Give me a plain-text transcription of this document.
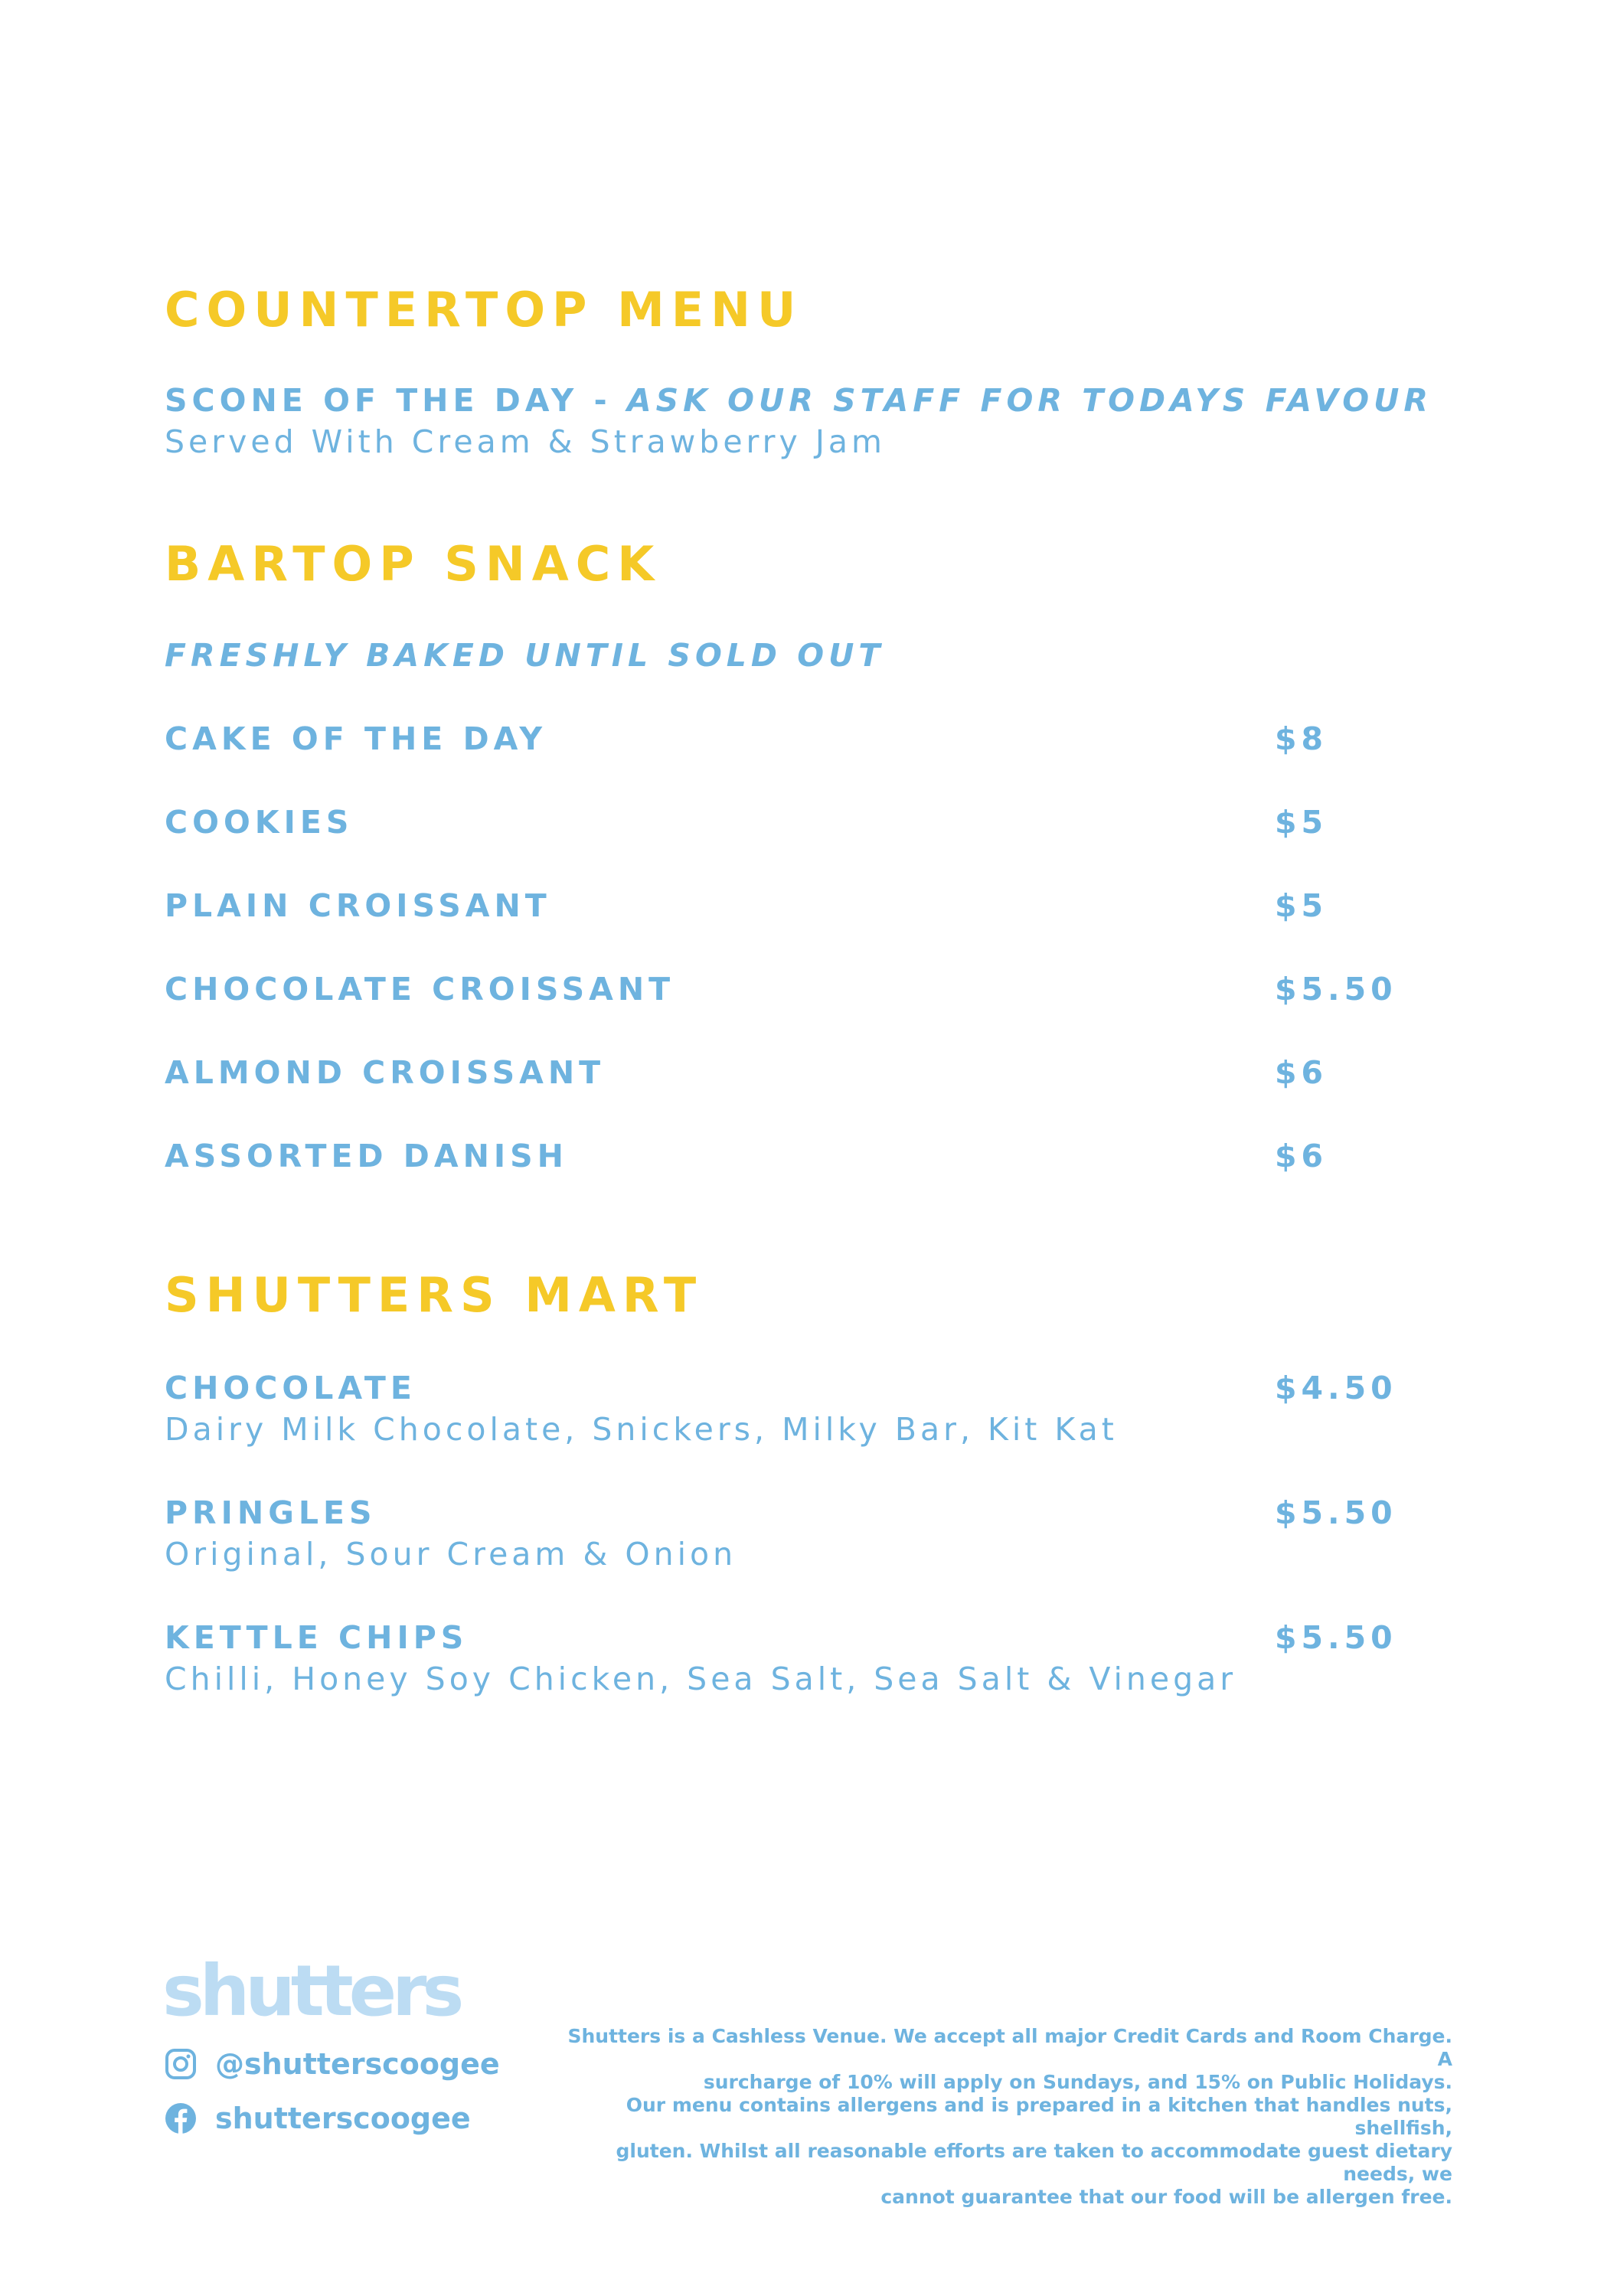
COUNTERTOP MENU
SCONE OF THE DAY - ASK OUR STAFF FOR TODAYS FAVOUR
Served With Cream & Strawberry Jam
BARTOP SNACK
FRESHLY BAKED UNTIL SOLD OUT
CAKE OF THE DAY	$8
COOKIES	$5
PLAIN CROISSANT	$5
CHOCOLATE CROISSANT	$5.50
ALMOND CROISSANT	$6
ASSORTED DANISH	$6
SHUTTERS MART
CHOCOLATE	$4.50
Dairy Milk Chocolate, Snickers, Milky Bar, Kit Kat
PRINGLES	$5.50
Original, Sour Cream & Onion
KETTLE CHIPS	$5.50
Chilli, Honey Soy Chicken, Sea Salt, Sea Salt & Vinegar
shutters
@shutterscoogee
shutterscoogee

Shutters is a Cashless Venue. We accept all major Credit Cards and Room Charge. A

surcharge of 10% will apply on Sundays, and 15% on Public Holidays.

Our menu contains allergens and is prepared in a kitchen that handles nuts, shellfish,

gluten. Whilst all reasonable efforts are taken to accommodate guest dietary needs, we

cannot guarantee that our food will be allergen free.
